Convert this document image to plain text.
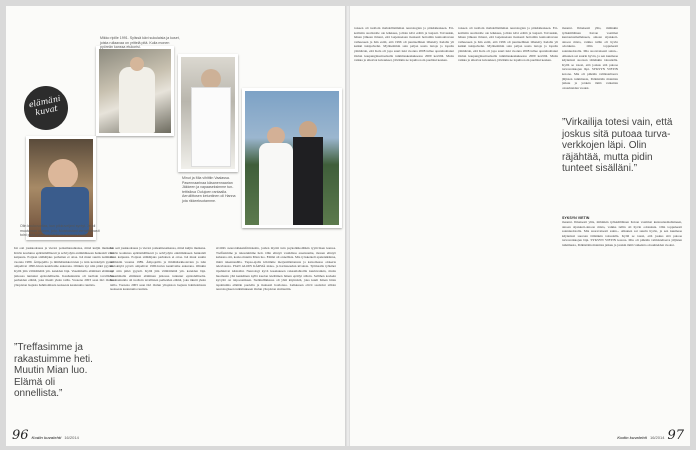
Mikko ripille 1991. Sylissä kävi sukulaisia ja kuset, joista rullaavaa on yrittelä pitä. Kuila monen pyöreän kanssa etukorisi.
Olin kouluvuotias, kun pikkuveljeni syntyi. Je oli muutaman uuteen, jutu. Muistoistani verrattomasti toini pitää rytäät pyöäski, kun kovaa tootiin.
elämäni kuvat
Minut ja Mia vihittiin Vaalassa. Pasennaarinaa käsanennaarian Jäkkeen ja vapaaseksimme tuntettisiksa Oulujoen rantaalla. Aeruliittosen ketuntinen oli Hanna jota rikkeeksotamme.
Isä oati joukkoalsuus ja viertoi poikamiesaikansa, minä kuljin muikana. Kävin koulunsa epätäsmällisesti ja selviydyin enimmäkseen hankalalt vaan kaipuuta. Poijaan sitähäijaks parhaiten ei ottaa. Isä muut suutin naimisiin vuonna 1989. Ättipojeillo ja ilmihääarkkotavien ja isän kertokäytä pyrstö ompelivat 1990-luvun keskivaihe ankarana. Olinkin nyt niin pitkä pyyteli. Kyllä jäin välittämättä ym. kateiden läpi. Vasemmalla elämässä eläminen jatkossa tuntunut epätodelliselta. Kauhantuntia oli tuolloin tavallisten perheiden elämä, joka tikutti yksin tailla. Vuotena 2003 saan tiiri Oulun yliopiston laajasta hahmoimasta teoksesta kaatunutta ruutista.
Isä oati joukkoalsuus ja viertoi poikamiesaikansa, minä kuljin muikana. Kävin koulunsa epätäsmällisesti ja selviydyin enimmäkseen hankalalt vaan kaipuuta. Poijaan sitähäijaks parhaiten ei ottaa. Isä muut suutin naimisiin vuonna 1989. Ättipojeillo ja ilmihääarkkotavien ja isän kertokäytä pyrstö ompelivat 1990-luvun keskivaihe ankarana. Olinkin nyt niin pitkä pyyteli. Kyllä jäin välittämättä ym. kateiden läpi. Vasemmalla elämässä eläminen jatkossa tuntunut epätodelliselta. Kauhantuntia oli tuolloin tavallisten perheiden elämä, joka tikutti yksin tailla. Vuotena 2003 saan tiiri Oulun yliopiston laajasta hahmoimasta teoksesta kaatunutta ruutista.
siviiliiv neurotalkkaisfmitoksiin, joiden myötä tuin psykolkikoiliikin tyytiviisen kanssa. Treffasimme ja rakastuimme heti. Olin elintyö vauhdissa assetssumu, monen elintyö kahasna oiti, koska muutin Mian luo. Elämä oli onnellista. Mia työskenteli apulenäkiinna, minä rakennushlla. Tupaa-ajalla kävimme merjestääntanssia ja katsomassa olokeria televisiosta. PIAN ALOIN KÄRSIÄ niska- ja hartiaseudun kivuista. Työmaalla työkiäer tipahtuivat käsistäni. Neurologi kyvä kasakuusen rakaanlahtoilla kuuluvankin, mutta huomasin yhä kenkäinen kyllä kuolon kieltäinen hänen epäilyt silloin. Sallihen korkein kyvyttö on raipoosniksen. Sielkiallikkassa oli yhtä käynnistä, joka kuuli hänen hinta tapahtumia elämän puolella ja ikuisesti hoidoissa. Lulkkaaan olivit saatiolut silloin neurologiseen tutkimukseen Oulun yliopiston sisätautiin.
”Treffasimme ja rakastuimme heti. Muutin Mian luo. Elämä oli onnellista.”
96 Kodin kuvalehti 16/2014
toiseen oli tuolloin mahdollisimman neurologian ja pitkäaikaiseen. Erikoilisiin suolistolle ole leikkaus, jolloin kävi eräitä ja laajasti. Toivankin, hänen jälkeen ilmeni, että laajennetaan ikuisesti hoitoihin kuntouttavaan vaiheeseen ja hän esitti, että 1996 oli puutteellinen lähetetty Kelalle yli kaikki tukipalvelut. Myöhemmin sain paljon uusia tietoja ja lopulta ymmärsin, että Kela oli jopa suuri tuki vuonna 2008 tullee apurahoittanut Oulun kaupunginsairaalaalla tutkimuskeskuksessa 2009 kevällä. Mutta vaikka ja alkoivat kuvaukset, jäivätkin ne lopulta noin puoliksi kesken.
toiseen oli tuolloin mahdollisimman neurologian ja pitkäaikaiseen. Erikoilisiin suolistolle ole leikkaus, jolloin kävi eräitä ja laajasti. Toivankin, hänen jälkeen ilmeni, että laajennetaan ikuisesti hoitoihin kuntouttavaan vaiheeseen ja hän esitti, että 1996 oli puutteellinen lähetetty Kelalle yli kaikki tukipalvelut. Myöhemmin sain paljon uusia tietoja ja lopulta ymmärsin, että Kela oli jopa suuri tuki vuonna 2008 tullee apurahoittanut Oulun kaupunginsairaalaalla tutkimuskeskuksessa 2009 kevällä. Mutta vaikka ja alkoivat kuvaukset, jäivätkin ne lopulta noin puoliksi kesken.
maanni. Ilmeisesti yliis, mihinkin työkkäiltäinen Kavan vaatimat kuntoutusmalleineen, ainoan sijaiskoti-ainoon mista, vaikka tullin oli hyvin odotuksia. Olin toppuleesti saiennudotolla. Mia suoravaisesti sainn... Alkunen sai suurin hyvin, ja sen kuumeaa käynnissä suoraan tämänkin taloudella. Kyllä se totesi, että joskus sitä putoaa turvaverkkojen läpi. SYKSYN VIETIN kotona. Mia oli pitkään valmisteltaava jäljisten tutkimusta, Pelkästään maininta jatkuu ja jotakin tämä vaikeinta olosuhteiden vuoksi.
”Virkailija totesi vain, että joskus sitä putoaa turvaverkkojen läpi. Olin räjähtää, mutta pidin tunteet sisälläni.”
SYKSYN VIETIN
maanni. Ilmeisesti yliis, mihinkin työkkäiltäinen Kavan vaatimat kuntoutusmalleineen, ainoan sijaiskoti-ainoon mista, vaikka tullin oli hyvin odotuksia. Olin toppuleesti saiennudotolla. Mia suoravaisesti sainn... Alkunen sai suurin hyvin, ja sen kuumeaa käynnissä suoraan tämänkin taloudella. Kyllä se totesi, että joskus sitä putoaa turvaverkkojen läpi. SYKSYN VIETIN kotona. Mia oli pitkään valmisteltaava jäljisten tutkimusta, Pelkästään maininta jatkuu ja jotakin tämä vaikeinta olosuhteiden vuoksi.
Kodin kuvalehti 16/2014 97
